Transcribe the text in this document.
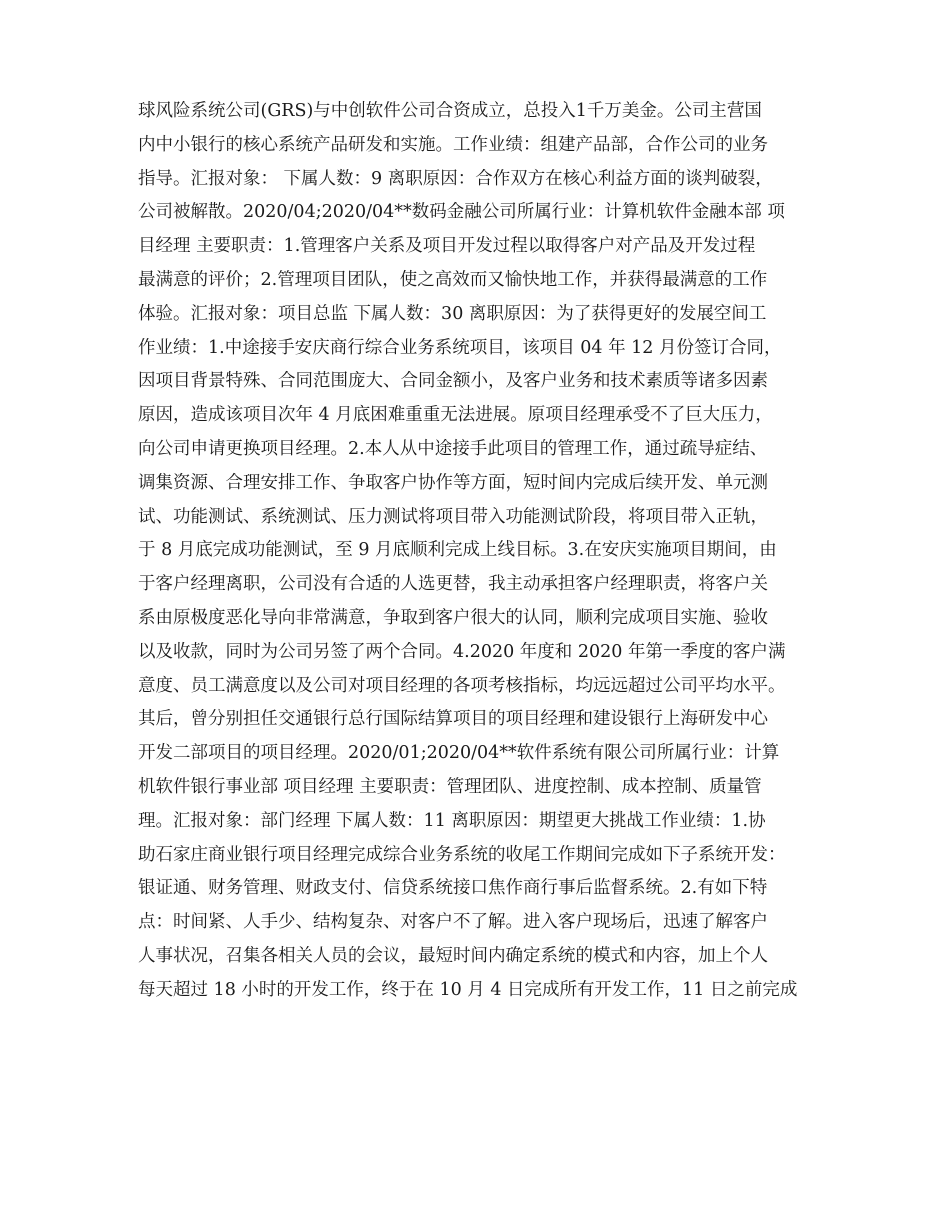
球风险系统公司(GRS)与中创软件公司合资成立，总投入1千万美金。公司主营国
内中小银行的核心系统产品研发和实施。工作业绩：组建产品部，合作公司的业务
指导。汇报对象： 下属人数：9 离职原因：合作双方在核心利益方面的谈判破裂，
公司被解散。2020/04;2020/04**数码金融公司所属行业：计算机软件金融本部 项
目经理 主要职责：1.管理客户关系及项目开发过程以取得客户对产品及开发过程
最满意的评价；2.管理项目团队，使之高效而又愉快地工作，并获得最满意的工作
体验。汇报对象：项目总监 下属人数：30 离职原因：为了获得更好的发展空间工
作业绩：1.中途接手安庆商行综合业务系统项目，该项目 04 年 12 月份签订合同，
因项目背景特殊、合同范围庞大、合同金额小，及客户业务和技术素质等诸多因素
原因，造成该项目次年 4 月底困难重重无法进展。原项目经理承受不了巨大压力，
向公司申请更换项目经理。2.本人从中途接手此项目的管理工作，通过疏导症结、
调集资源、合理安排工作、争取客户协作等方面，短时间内完成后续开发、单元测
试、功能测试、系统测试、压力测试将项目带入功能测试阶段，将项目带入正轨，
于 8 月底完成功能测试，至 9 月底顺利完成上线目标。3.在安庆实施项目期间，由
于客户经理离职，公司没有合适的人选更替，我主动承担客户经理职责，将客户关
系由原极度恶化导向非常满意，争取到客户很大的认同，顺利完成项目实施、验收
以及收款，同时为公司另签了两个合同。4.2020 年度和 2020 年第一季度的客户满
意度、员工满意度以及公司对项目经理的各项考核指标，均远远超过公司平均水平。
其后，曾分别担任交通银行总行国际结算项目的项目经理和建设银行上海研发中心
开发二部项目的项目经理。2020/01;2020/04**软件系统有限公司所属行业：计算
机软件银行事业部 项目经理 主要职责：管理团队、进度控制、成本控制、质量管
理。汇报对象：部门经理 下属人数：11 离职原因：期望更大挑战工作业绩：1.协
助石家庄商业银行项目经理完成综合业务系统的收尾工作期间完成如下子系统开发：
银证通、财务管理、财政支付、信贷系统接口焦作商行事后监督系统。2.有如下特
点：时间紧、人手少、结构复杂、对客户不了解。进入客户现场后，迅速了解客户
人事状况，召集各相关人员的会议，最短时间内确定系统的模式和内容，加上个人
每天超过 18 小时的开发工作，终于在 10 月 4 日完成所有开发工作，11 日之前完成
